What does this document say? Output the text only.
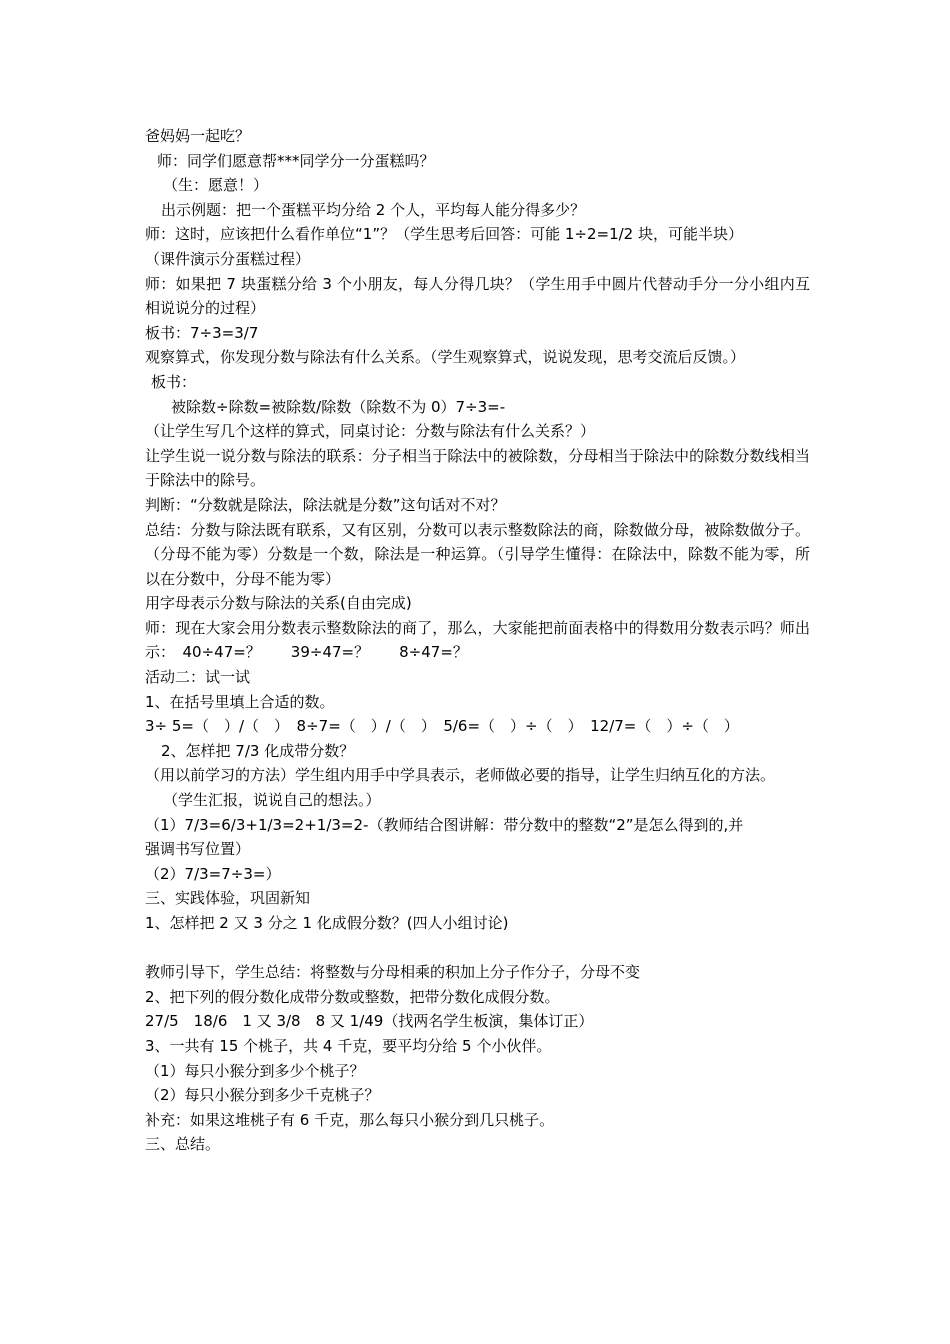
爸妈妈一起吃？
师：同学们愿意帮***同学分一分蛋糕吗？
（生：愿意！）
出示例题：把一个蛋糕平均分给 2 个人，平均每人能分得多少？
师：这时，应该把什么看作单位“1”？（学生思考后回答：可能 1÷2=1/2 块，可能半块）
（课件演示分蛋糕过程）
师：如果把 7 块蛋糕分给 3 个小朋友，每人分得几块？（学生用手中圆片代替动手分一分小组内互相说说分的过程）
板书：7÷3=3/7
观察算式，你发现分数与除法有什么关系。（学生观察算式，说说发现，思考交流后反馈。）
板书：
被除数÷除数=被除数/除数（除数不为 0）7÷3=-
（让学生写几个这样的算式，同桌讨论：分数与除法有什么关系？）
让学生说一说分数与除法的联系：分子相当于除法中的被除数，分母相当于除法中的除数分数线相当于除法中的除号。
判断：“分数就是除法，除法就是分数”这句话对不对？
总结：分数与除法既有联系，又有区别，分数可以表示整数除法的商，除数做分母，被除数做分子。（分母不能为零）分数是一个数，除法是一种运算。（引导学生懂得：在除法中，除数不能为零，所以在分数中，分母不能为零）
用字母表示分数与除法的关系(自由完成)
师：现在大家会用分数表示整数除法的商了，那么，大家能把前面表格中的得数用分数表示吗？师出示：　40÷47=？　　39÷47=？　　8÷47=？
活动二：试一试
1、在括号里填上合适的数。
3÷ 5=（　）/（　）　8÷7=（　）/（　）　5/6=（　）÷（　）　12/7=（　）÷（　）
2、怎样把 7/3 化成带分数？
（用以前学习的方法）学生组内用手中学具表示，老师做必要的指导，让学生归纳互化的方法。
（学生汇报，说说自己的想法。）
（1）7/3=6/3+1/3=2+1/3=2-（教师结合图讲解：带分数中的整数“2”是怎么得到的,并
强调书写位置）
（2）7/3=7÷3=）
三、实践体验，巩固新知
1、怎样把 2 又 3 分之 1 化成假分数？(四人小组讨论)
教师引导下，学生总结：将整数与分母相乘的积加上分子作分子，分母不变
2、把下列的假分数化成带分数或整数，把带分数化成假分数。
27/5　18/6　1 又 3/8　8 又 1/49（找两名学生板演，集体订正）
3、一共有 15 个桃子，共 4 千克，要平均分给 5 个小伙伴。
（1）每只小猴分到多少个桃子？
（2）每只小猴分到多少千克桃子？
补充：如果这堆桃子有 6 千克，那么每只小猴分到几只桃子。
三、总结。
